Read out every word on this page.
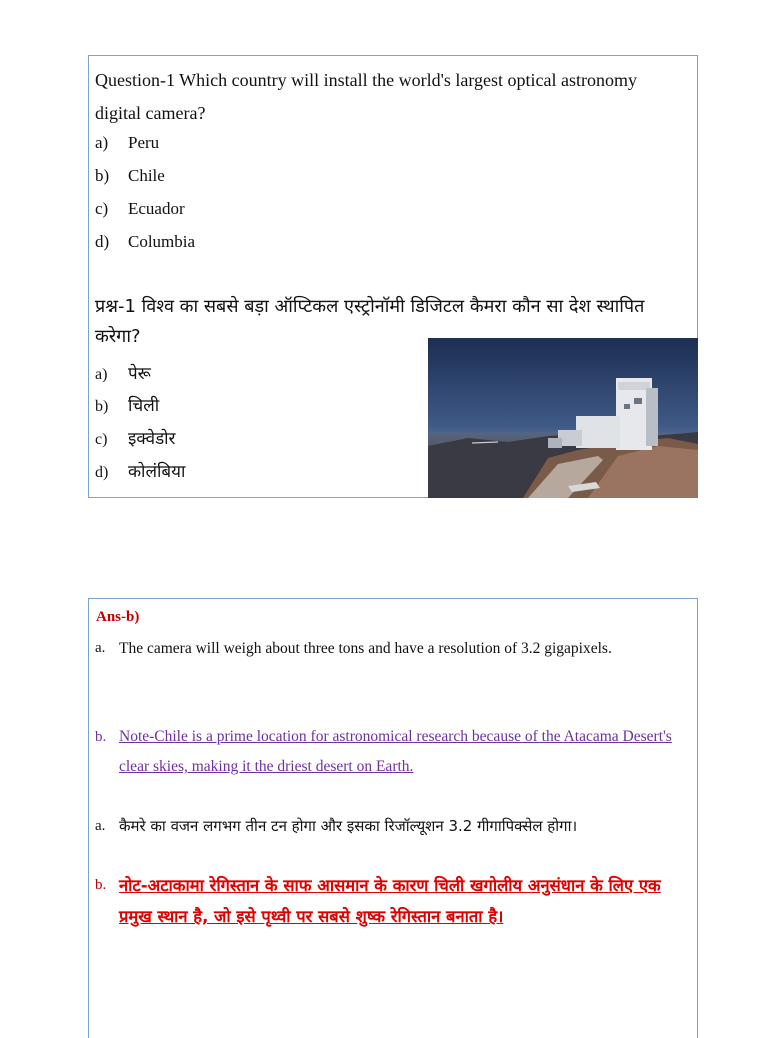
Question-1 Which country will install the world's largest optical astronomy digital camera?
a)	Peru
b)	Chile
c)	Ecuador
d)	Columbia
प्रश्न-1 विश्व का सबसे बड़ा ऑप्टिकल एस्ट्रोनॉमी डिजिटल कैमरा कौन सा देश स्थापित करेगा?
a)	पेरू
b)	चिली
c)	इक्वेडोर
d)	कोलंबिया
Ans-b)
a. The camera will weigh about three tons and have a resolution of 3.2 gigapixels.
b. Note-Chile is a prime location for astronomical research because of the Atacama Desert's clear skies, making it the driest desert on Earth.
a. कैमरे का वजन लगभग तीन टन होगा और इसका रिजॉल्यूशन 3.2 गीगापिक्सेल होगा।
b. नोट-अटाकामा रेगिस्तान के साफ आसमान के कारण चिली खगोलीय अनुसंधान के लिए एक प्रमुख स्थान है, जो इसे पृथ्वी पर सबसे शुष्क रेगिस्तान बनाता है।
